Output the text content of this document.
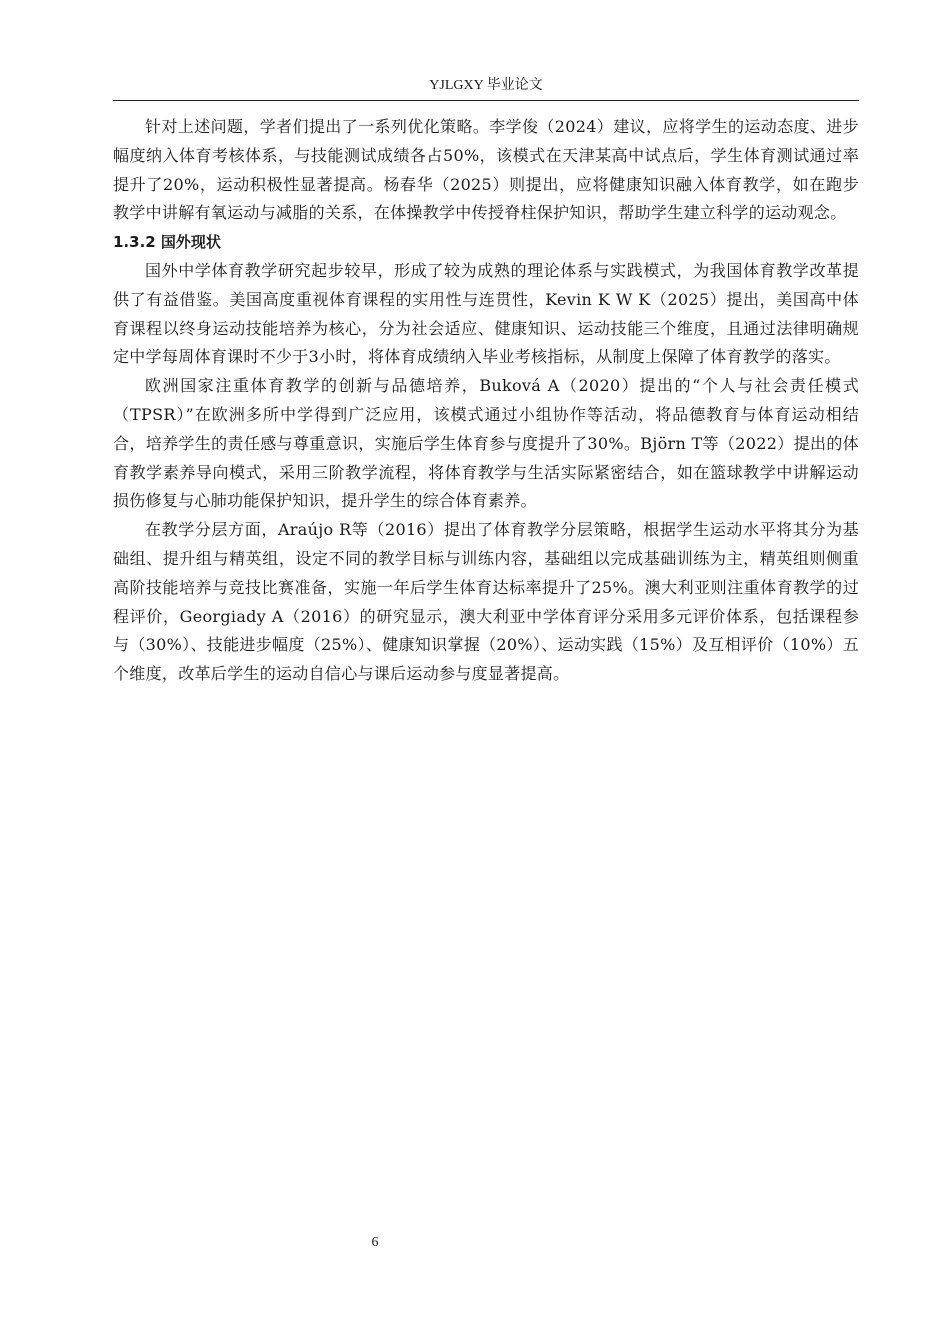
YJLGXY 毕业论文

针对上述问题，学者们提出了一系列优化策略。李学俊（2024）建议，应将学生的运动态度、进步幅度纳入体育考核体系，与技能测试成绩各占50%，该模式在天津某高中试点后，学生体育测试通过率提升了20%，运动积极性显著提高。杨春华（2025）则提出，应将健康知识融入体育教学，如在跑步教学中讲解有氧运动与减脂的关系，在体操教学中传授脊柱保护知识，帮助学生建立科学的运动观念。

1.3.2 国外现状

国外中学体育教学研究起步较早，形成了较为成熟的理论体系与实践模式，为我国体育教学改革提供了有益借鉴。美国高度重视体育课程的实用性与连贯性，Kevin K W K（2025）提出，美国高中体育课程以终身运动技能培养为核心，分为社会适应、健康知识、运动技能三个维度，且通过法律明确规定中学每周体育课时不少于3小时，将体育成绩纳入毕业考核指标，从制度上保障了体育教学的落实。

欧洲国家注重体育教学的创新与品德培养，Buková A（2020）提出的“个人与社会责任模式（TPSR）”在欧洲多所中学得到广泛应用，该模式通过小组协作等活动，将品德教育与体育运动相结合，培养学生的责任感与尊重意识，实施后学生体育参与度提升了30%。Björn T等（2022）提出的体育教学素养导向模式，采用三阶教学流程，将体育教学与生活实际紧密结合，如在篮球教学中讲解运动损伤修复与心肺功能保护知识，提升学生的综合体育素养。

在教学分层方面，Araújo R等（2016）提出了体育教学分层策略，根据学生运动水平将其分为基础组、提升组与精英组，设定不同的教学目标与训练内容，基础组以完成基础训练为主，精英组则侧重高阶技能培养与竞技比赛准备，实施一年后学生体育达标率提升了25%。澳大利亚则注重体育教学的过程评价，Georgiady A（2016）的研究显示，澳大利亚中学体育评分采用多元评价体系，包括课程参与（30%）、技能进步幅度（25%）、健康知识掌握（20%）、运动实践（15%）及互相评价（10%）五个维度，改革后学生的运动自信心与课后运动参与度显著提高。

6
